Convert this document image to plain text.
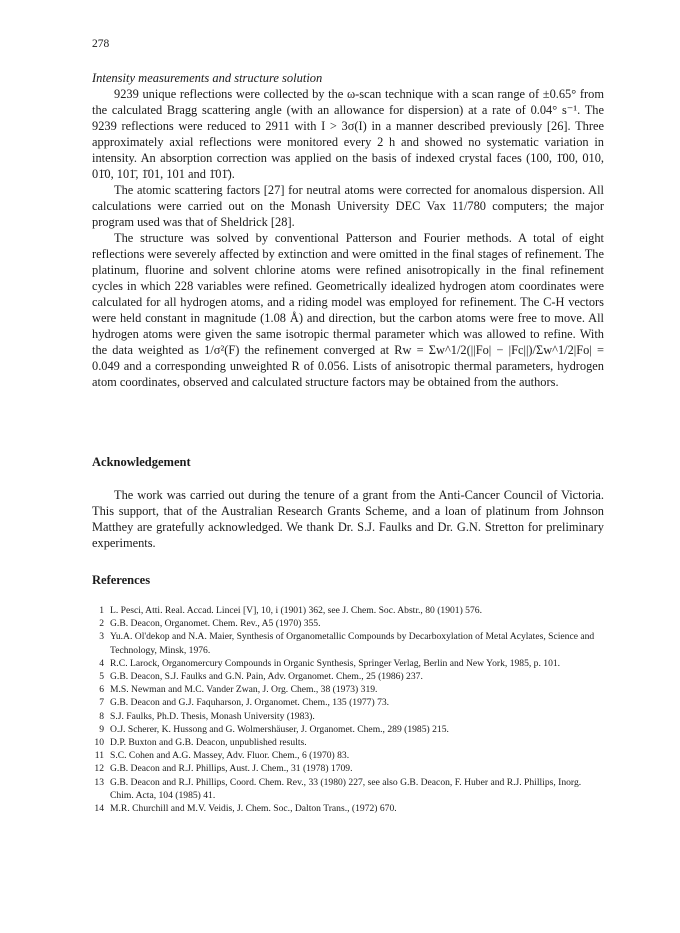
278
Intensity measurements and structure solution

9239 unique reflections were collected by the ω-scan technique with a scan range of ±0.65° from the calculated Bragg scattering angle (with an allowance for dispersion) at a rate of 0.04° s⁻¹. The 9239 reflections were reduced to 2911 with I > 3σ(I) in a manner described previously [26]. Three approximately axial reflections were monitored every 2 h and showed no systematic variation in intensity. An absorption correction was applied on the basis of indexed crystal faces (100, 1̄00, 010, 01̄0, 101̄, 1̄01, 101 and 1̄01̄).

The atomic scattering factors [27] for neutral atoms were corrected for anomalous dispersion. All calculations were carried out on the Monash University DEC Vax 11/780 computers; the major program used was that of Sheldrick [28].

The structure was solved by conventional Patterson and Fourier methods. A total of eight reflections were severely affected by extinction and were omitted in the final stages of refinement. The platinum, fluorine and solvent chlorine atoms were refined anisotropically in the final refinement cycles in which 228 variables were refined. Geometrically idealized hydrogen atom coordinates were calculated for all hydrogen atoms, and a riding model was employed for refinement. The C-H vectors were held constant in magnitude (1.08 Å) and direction, but the carbon atoms were free to move. All hydrogen atoms were given the same isotropic thermal parameter which was allowed to refine. With the data weighted as 1/σ²(F) the refinement converged at Rw = Σw^1/2(||Fo| − |Fc||)/Σw^1/2|Fo| = 0.049 and a corresponding unweighted R of 0.056. Lists of anisotropic thermal parameters, hydrogen atom coordinates, observed and calculated structure factors may be obtained from the authors.

Acknowledgement

The work was carried out during the tenure of a grant from the Anti-Cancer Council of Victoria. This support, that of the Australian Research Grants Scheme, and a loan of platinum from Johnson Matthey are gratefully acknowledged. We thank Dr. S.J. Faulks and Dr. G.N. Stretton for preliminary experiments.

References
1 L. Pesci, Atti. Real. Accad. Lincei [V], 10, i (1901) 362, see J. Chem. Soc. Abstr., 80 (1901) 576.
2 G.B. Deacon, Organomet. Chem. Rev., A5 (1970) 355.
3 Yu.A. Ol'dekop and N.A. Maier, Synthesis of Organometallic Compounds by Decarboxylation of Metal Acylates, Science and Technology, Minsk, 1976.
4 R.C. Larock, Organomercury Compounds in Organic Synthesis, Springer Verlag, Berlin and New York, 1985, p. 101.
5 G.B. Deacon, S.J. Faulks and G.N. Pain, Adv. Organomet. Chem., 25 (1986) 237.
6 M.S. Newman and M.C. Vander Zwan, J. Org. Chem., 38 (1973) 319.
7 G.B. Deacon and G.J. Faquharson, J. Organomet. Chem., 135 (1977) 73.
8 S.J. Faulks, Ph.D. Thesis, Monash University (1983).
9 O.J. Scherer, K. Hussong and G. Wolmershäuser, J. Organomet. Chem., 289 (1985) 215.
10 D.P. Buxton and G.B. Deacon, unpublished results.
11 S.C. Cohen and A.G. Massey, Adv. Fluor. Chem., 6 (1970) 83.
12 G.B. Deacon and R.J. Phillips, Aust. J. Chem., 31 (1978) 1709.
13 G.B. Deacon and R.J. Phillips, Coord. Chem. Rev., 33 (1980) 227, see also G.B. Deacon, F. Huber and R.J. Phillips, Inorg. Chim. Acta, 104 (1985) 41.
14 M.R. Churchill and M.V. Veidis, J. Chem. Soc., Dalton Trans., (1972) 670.
